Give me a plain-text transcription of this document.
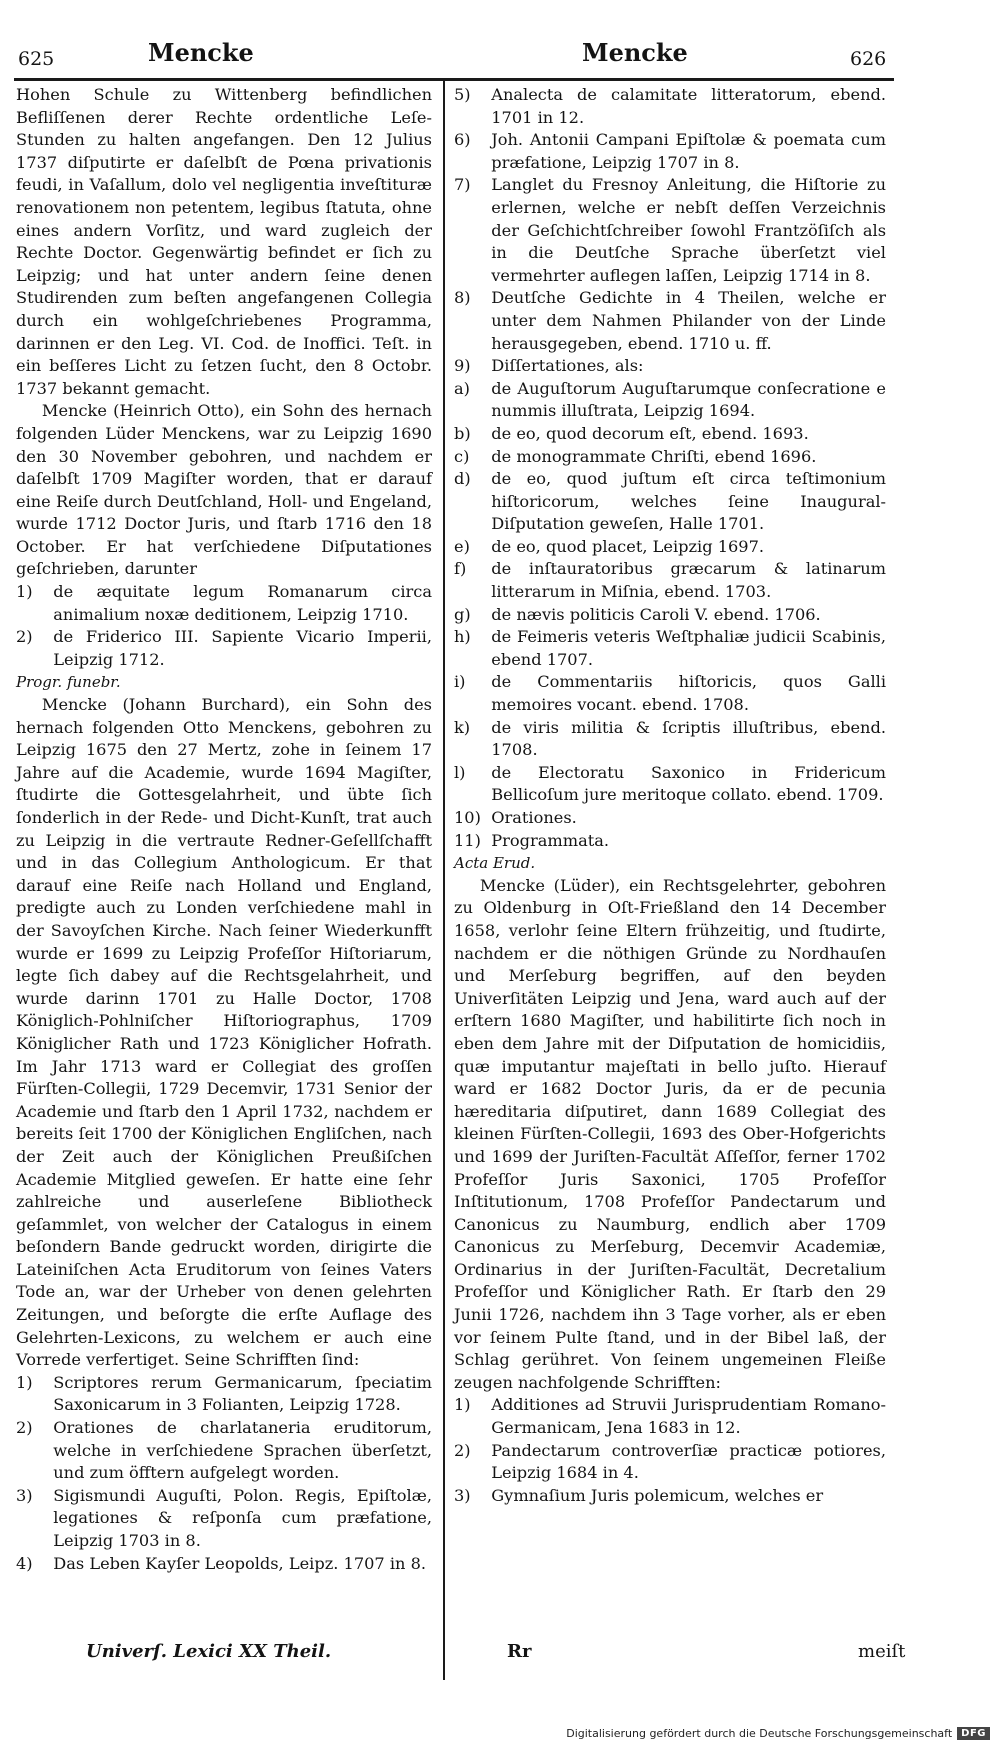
625	Mencke	Mencke	626

Hohen Schule zu Wittenberg befindlichen Befliſſenen derer Rechte ordentliche Leſe-Stunden zu halten angefangen. Den 12 Julius 1737 diſputirte er daſelbſt de Pœna privationis feudi, in Vaſallum, dolo vel negligentia inveſtituræ renovationem non petentem, legibus ſtatuta, ohne eines andern Vorſitz, und ward zugleich der Rechte Doctor. Gegenwärtig befindet er ſich zu Leipzig; und hat unter andern ſeine denen Studirenden zum beſten angefangenen Collegia durch ein wohlgeſchriebenes Programma, darinnen er den Leg. VI. Cod. de Inoffici. Teſt. in ein beſſeres Licht zu ſetzen ſucht, den 8 Octobr. 1737 bekannt gemacht.

Mencke (Heinrich Otto), ein Sohn des hernach folgenden Lüder Menckens, war zu Leipzig 1690 den 30 November gebohren, und nachdem er daſelbſt 1709 Magiſter worden, that er darauf eine Reiſe durch Deutſchland, Holl- und Engeland, wurde 1712 Doctor Juris, und ſtarb 1716 den 18 October. Er hat verſchiedene Diſputationes geſchrieben, darunter

1) de æquitate legum Romanarum circa animalium noxæ deditionem, Leipzig 1710.
2) de Friderico III. Sapiente Vicario Imperii, Leipzig 1712.

Progr. funebr.

Mencke (Johann Burchard), ein Sohn des hernach folgenden Otto Menckens, gebohren zu Leipzig 1675 den 27 Mertz, zohe in ſeinem 17 Jahre auf die Academie, wurde 1694 Magiſter, ſtudirte die Gottesgelahrheit, und übte ſich ſonderlich in der Rede- und Dicht-Kunſt, trat auch zu Leipzig in die vertraute Redner-Geſellſchafft und in das Collegium Anthologicum. Er that darauf eine Reiſe nach Holland und England, predigte auch zu Londen verſchiedene mahl in der Savoyſchen Kirche. Nach ſeiner Wiederkunfft wurde er 1699 zu Leipzig Profeſſor Hiſtoriarum, legte ſich dabey auf die Rechtsgelahrheit, und wurde darinn 1701 zu Halle Doctor, 1708 Königlich-Pohlniſcher Hiſtoriographus, 1709 Königlicher Rath und 1723 Königlicher Hofrath. Im Jahr 1713 ward er Collegiat des groſſen Fürſten-Collegii, 1729 Decemvir, 1731 Senior der Academie und ſtarb den 1 April 1732, nachdem er bereits ſeit 1700 der Königlichen Engliſchen, nach der Zeit auch der Königlichen Preußiſchen Academie Mitglied geweſen. Er hatte eine ſehr zahlreiche und auserleſene Bibliotheck geſammlet, von welcher der Catalogus in einem beſondern Bande gedruckt worden, dirigirte die Lateiniſchen Acta Eruditorum von ſeines Vaters Tode an, war der Urheber von denen gelehrten Zeitungen, und beſorgte die erſte Auflage des Gelehrten-Lexicons, zu welchem er auch eine Vorrede verfertiget. Seine Schrifften ſind:

1) Scriptores rerum Germanicarum, ſpeciatim Saxonicarum in 3 Folianten, Leipzig 1728.
2) Orationes de charlataneria eruditorum, welche in verſchiedene Sprachen überſetzt, und zum öfftern aufgelegt worden.
3) Sigismundi Auguſti, Polon. Regis, Epiſtolæ, legationes & reſponſa cum præfatione, Leipzig 1703 in 8.
4) Das Leben Kayſer Leopolds, Leipz. 1707 in 8.
5) Analecta de calamitate litteratorum, ebend. 1701 in 12.
6) Joh. Antonii Campani Epiſtolæ & poemata cum præfatione, Leipzig 1707 in 8.
7) Langlet du Fresnoy Anleitung, die Hiſtorie zu erlernen, welche er nebſt deſſen Verzeichnis der Geſchichtſchreiber ſowohl Frantzöſiſch als in die Deutſche Sprache überſetzt viel vermehrter auflegen laſſen, Leipzig 1714 in 8.
8) Deutſche Gedichte in 4 Theilen, welche er unter dem Nahmen Philander von der Linde herausgegeben, ebend. 1710 u. ff.
9) Diſſertationes, als:
a) de Auguſtorum Auguſtarumque conſecratione e nummis illuſtrata, Leipzig 1694.
b) de eo, quod decorum eſt, ebend. 1693.
c) de monogrammate Chriſti, ebend 1696.
d) de eo, quod juſtum eſt circa teſtimonium hiſtoricorum, welches ſeine Inaugural-Diſputation geweſen, Halle 1701.
e) de eo, quod placet, Leipzig 1697.
f) de inſtauratoribus græcarum & latinarum litterarum in Miſnia, ebend. 1703.
g) de nævis politicis Caroli V. ebend. 1706.
h) de Feimeris veteris Weſtphaliæ judicii Scabinis, ebend 1707.
i) de Commentariis hiſtoricis, quos Galli memoires vocant. ebend. 1708.
k) de viris militia & ſcriptis illuſtribus, ebend. 1708.
l) de Electoratu Saxonico in Fridericum Bellicoſum jure meritoque collato. ebend. 1709.
10) Orationes.
11) Programmata.

Acta Erud.

Mencke (Lüder), ein Rechtsgelehrter, gebohren zu Oldenburg in Oſt-Frießland den 14 December 1658, verlohr ſeine Eltern frühzeitig, und ſtudirte, nachdem er die nöthigen Gründe zu Nordhauſen und Merſeburg begriffen, auf den beyden Univerſitäten Leipzig und Jena, ward auch auf der erſtern 1680 Magiſter, und habilitirte ſich noch in eben dem Jahre mit der Diſputation de homicidiis, quæ imputantur majeſtati in bello juſto. Hierauf ward er 1682 Doctor Juris, da er de pecunia hæreditaria diſputiret, dann 1689 Collegiat des kleinen Fürſten-Collegii, 1693 des Ober-Hofgerichts und 1699 der Juriſten-Facultät Aſſeſſor, ferner 1702 Profeſſor Juris Saxonici, 1705 Profeſſor Inſtitutionum, 1708 Profeſſor Pandectarum und Canonicus zu Naumburg, endlich aber 1709 Canonicus zu Merſeburg, Decemvir Academiæ, Ordinarius in der Juriſten-Facultät, Decretalium Profeſſor und Königlicher Rath. Er ſtarb den 29 Junii 1726, nachdem ihn 3 Tage vorher, als er eben vor ſeinem Pulte ſtand, und in der Bibel laß, der Schlag gerühret. Von ſeinem ungemeinen Fleiße zeugen nachfolgende Schrifften:

1) Additiones ad Struvii Jurisprudentiam Romano-Germanicam, Jena 1683 in 12.
2) Pandectarum controverſiæ practicæ potiores, Leipzig 1684 in 4.
3) Gymnaſium Juris polemicum, welches er
Univerſ. Lexici XX Theil.	Rr	meiſt
Digitalisierung gefördert durch die Deutsche Forschungsgemeinschaft DFG
